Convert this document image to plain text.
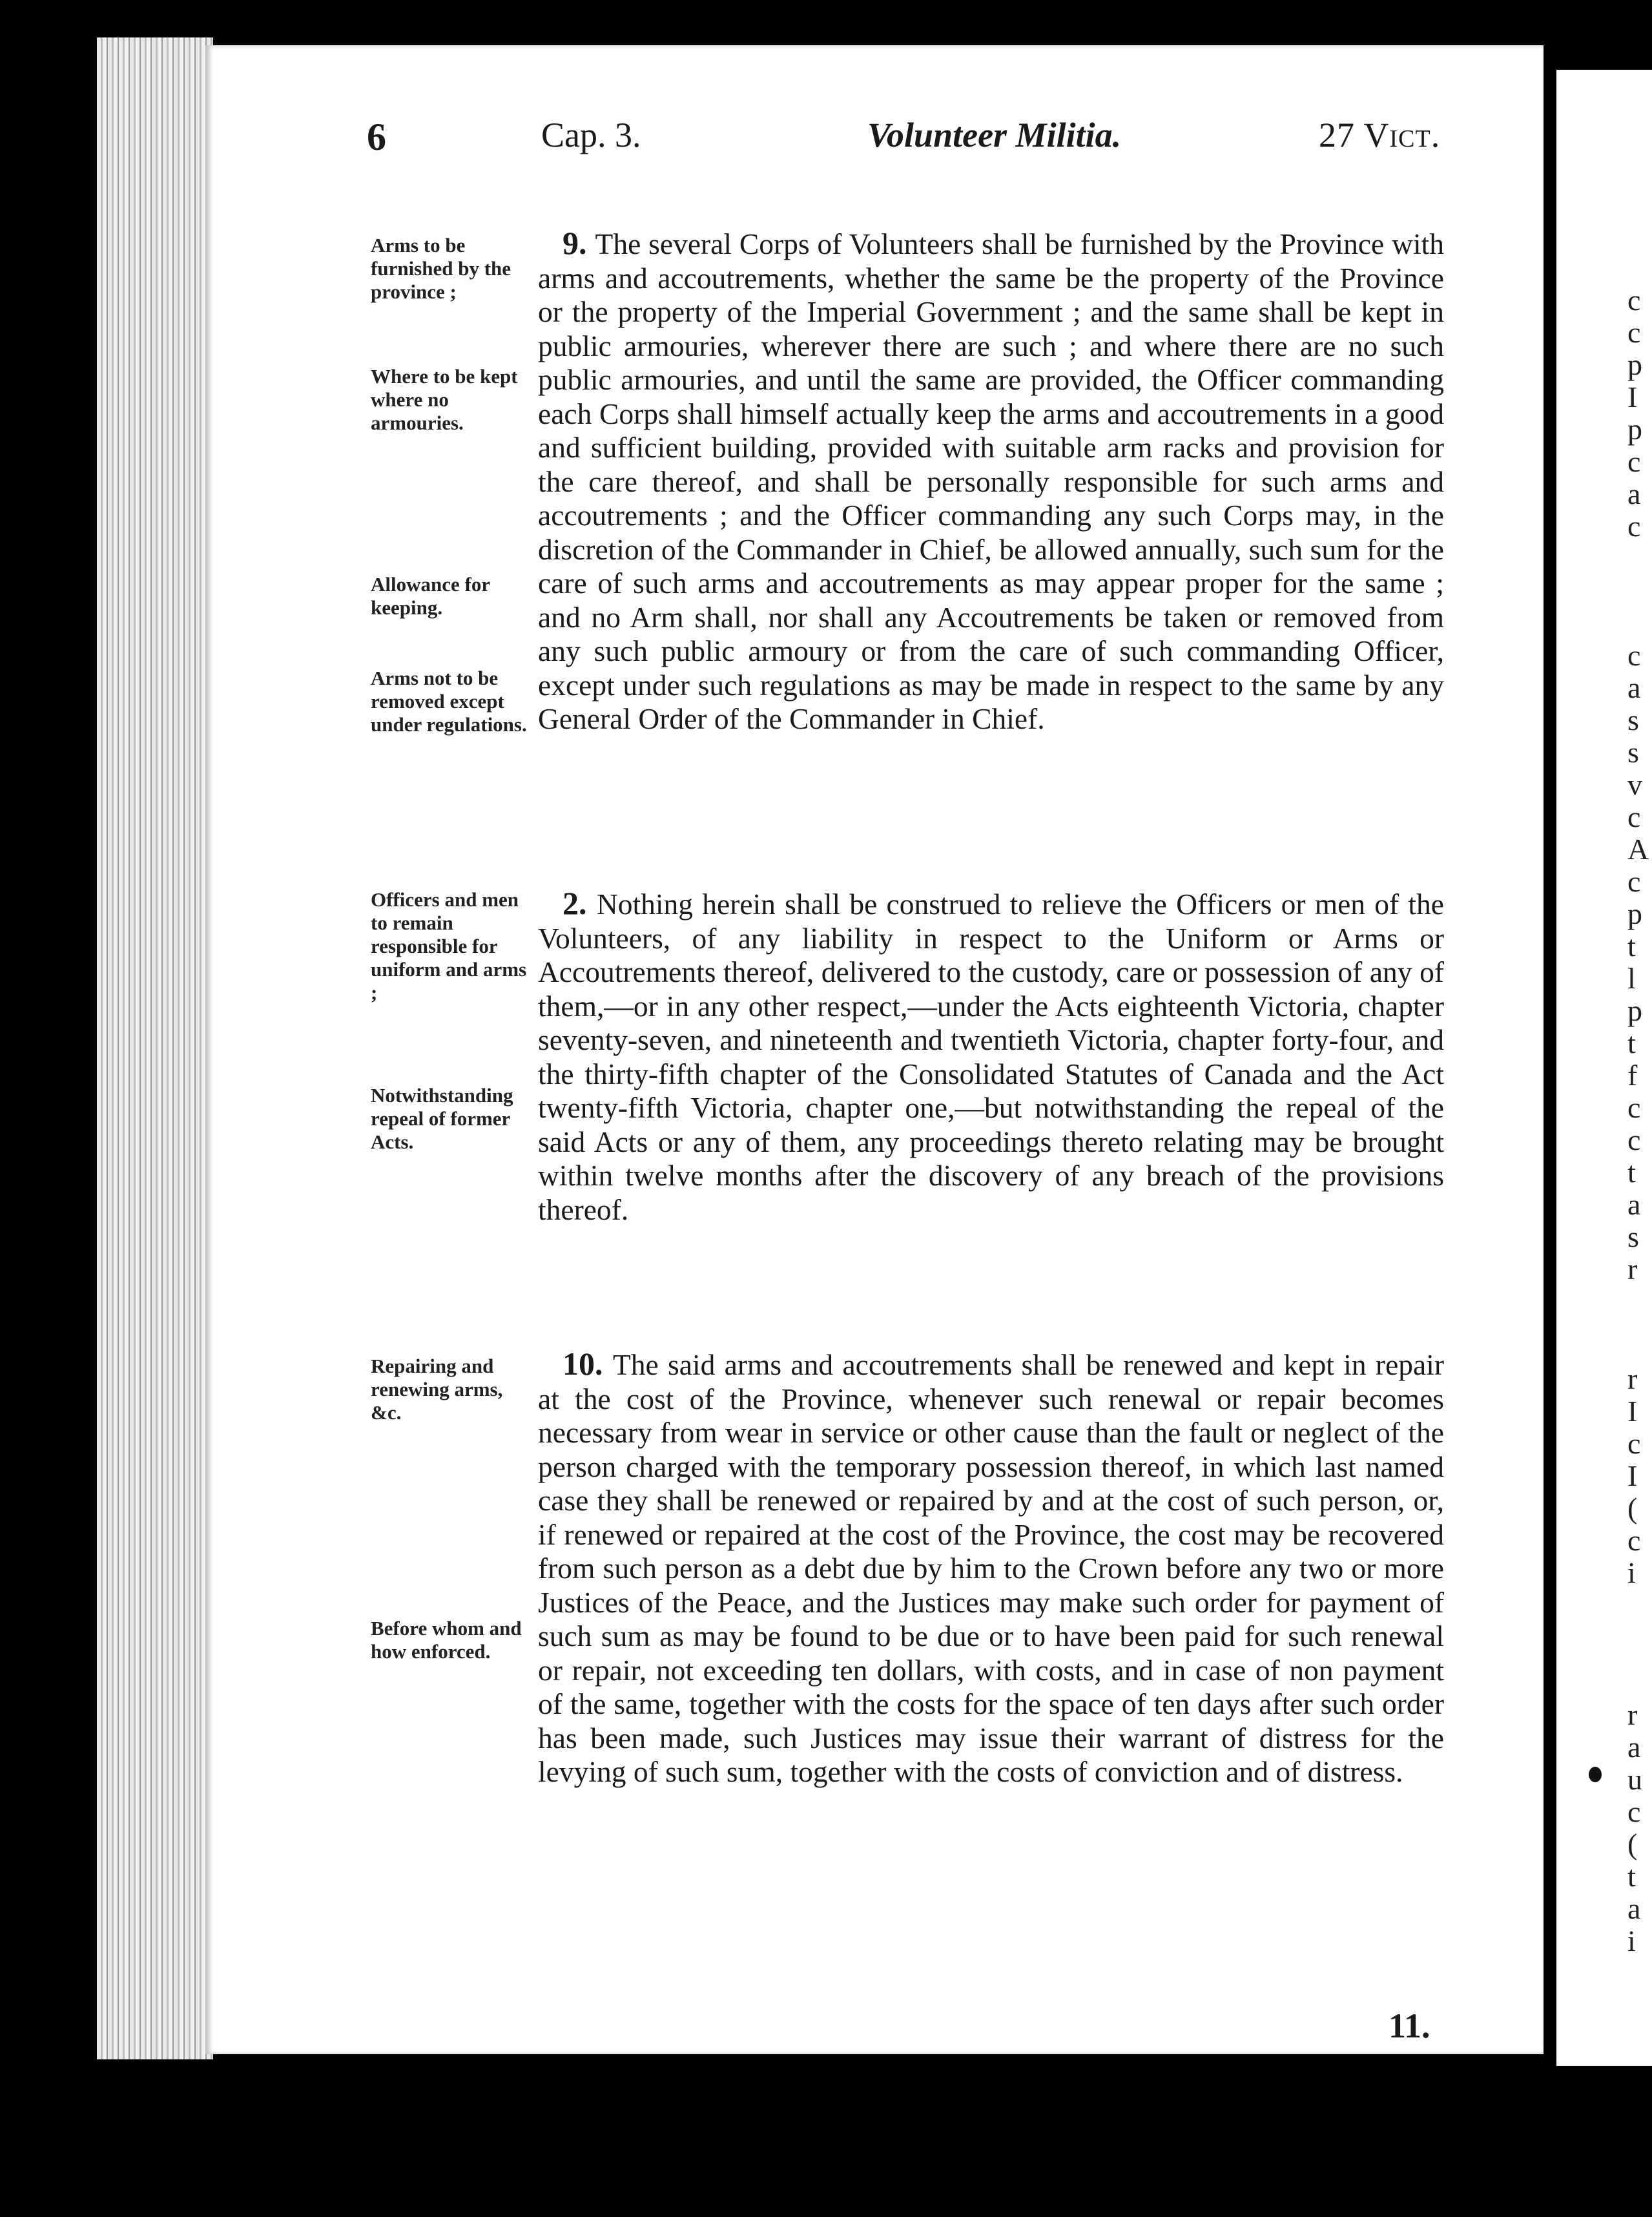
c
c
p
I
p
c
a
c
c
a
s
s
v
c
A
c
p
t
l
p
t
f
c
c
t
a
s
r
r
I
c
I
(
c
i
r
a
u
c
(
t
a
i
6	Cap. 3.	Volunteer Militia.	27 Vict.
Arms to be furnished by the province ;
Where to be kept where no armouries.
Allowance for keeping.
Arms not to be removed except under regulations.
Officers and men to remain responsible for uniform and arms ;
Notwithstanding repeal of former Acts.
Repairing and renewing arms, &c.
Before whom and how enforced.

9. The several Corps of Volunteers shall be furnished by the Province with arms and accoutrements, whether the same be the property of the Province or the property of the Imperial Government ; and the same shall be kept in public armouries, wherever there are such ; and where there are no such public armouries, and until the same are provided, the Officer commanding each Corps shall himself actually keep the arms and accoutrements in a good and sufficient building, provided with suitable arm racks and provision for the care thereof, and shall be personally responsible for such arms and accoutrements ; and the Officer commanding any such Corps may, in the discretion of the Commander in Chief, be allowed annually, such sum for the care of such arms and accoutrements as may appear proper for the same ; and no Arm shall, nor shall any Accoutrements be taken or removed from any such public armoury or from the care of such commanding Officer, except under such regulations as may be made in respect to the same by any General Order of the Commander in Chief.

2. Nothing herein shall be construed to relieve the Officers or men of the Volunteers, of any liability in respect to the Uniform or Arms or Accoutrements thereof, delivered to the custody, care or possession of any of them,—or in any other respect,—under the Acts eighteenth Victoria, chapter seventy-seven, and nineteenth and twentieth Victoria, chapter forty-four, and the thirty-fifth chapter of the Consolidated Statutes of Canada and the Act twenty-fifth Victoria, chapter one,—but notwithstanding the repeal of the said Acts or any of them, any proceedings thereto relating may be brought within twelve months after the discovery of any breach of the provisions thereof.

10. The said arms and accoutrements shall be renewed and kept in repair at the cost of the Province, whenever such renewal or repair becomes necessary from wear in service or other cause than the fault or neglect of the person charged with the temporary possession thereof, in which last named case they shall be renewed or repaired by and at the cost of such person, or, if renewed or repaired at the cost of the Province, the cost may be recovered from such person as a debt due by him to the Crown before any two or more Justices of the Peace, and the Justices may make such order for payment of such sum as may be found to be due or to have been paid for such renewal or repair, not exceeding ten dollars, with costs, and in case of non payment of the same, together with the costs for the space of ten days after such order has been made, such Justices may issue their warrant of distress for the levying of such sum, together with the costs of conviction and of distress.

11.
